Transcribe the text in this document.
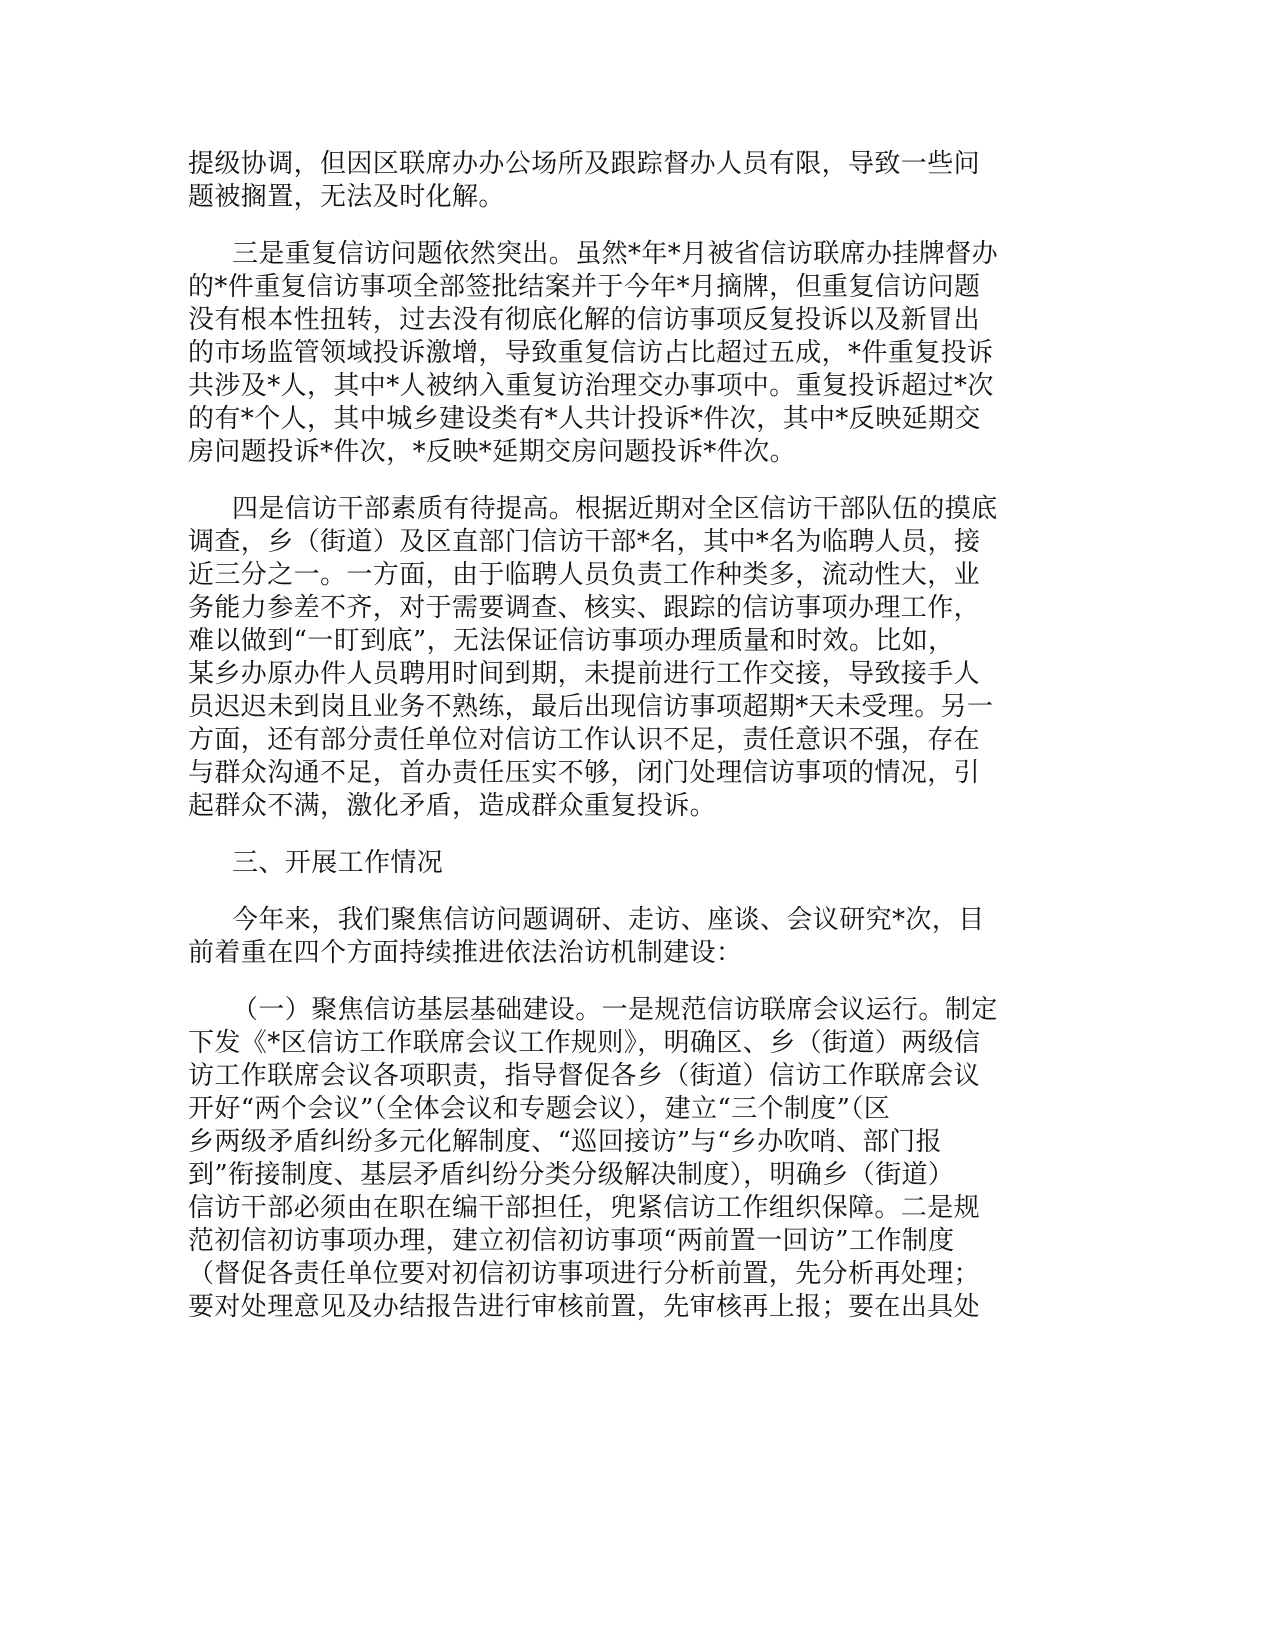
提级协调，但因区联席办办公场所及跟踪督办人员有限，导致一些问
题被搁置，无法及时化解。
三是重复信访问题依然突出。虽然*年*月被省信访联席办挂牌督办
的*件重复信访事项全部签批结案并于今年*月摘牌，但重复信访问题
没有根本性扭转，过去没有彻底化解的信访事项反复投诉以及新冒出
的市场监管领域投诉激增，导致重复信访占比超过五成，*件重复投诉
共涉及*人，其中*人被纳入重复访治理交办事项中。重复投诉超过*次
的有*个人，其中城乡建设类有*人共计投诉*件次，其中*反映延期交
房问题投诉*件次，*反映*延期交房问题投诉*件次。
四是信访干部素质有待提高。根据近期对全区信访干部队伍的摸底
调查，乡（街道）及区直部门信访干部*名，其中*名为临聘人员，接
近三分之一。一方面，由于临聘人员负责工作种类多，流动性大，业
务能力参差不齐，对于需要调查、核实、跟踪的信访事项办理工作，
难以做到“一盯到底”，无法保证信访事项办理质量和时效。比如，
某乡办原办件人员聘用时间到期，未提前进行工作交接，导致接手人
员迟迟未到岗且业务不熟练，最后出现信访事项超期*天未受理。另一
方面，还有部分责任单位对信访工作认识不足，责任意识不强，存在
与群众沟通不足，首办责任压实不够，闭门处理信访事项的情况，引
起群众不满，激化矛盾，造成群众重复投诉。
三、开展工作情况
今年来，我们聚焦信访问题调研、走访、座谈、会议研究*次，目
前着重在四个方面持续推进依法治访机制建设：
（一）聚焦信访基层基础建设。一是规范信访联席会议运行。制定
下发《*区信访工作联席会议工作规则》，明确区、乡（街道）两级信
访工作联席会议各项职责，指导督促各乡（街道）信访工作联席会议
开好“两个会议”（全体会议和专题会议），建立“三个制度”（区
乡两级矛盾纠纷多元化解制度、“巡回接访”与“乡办吹哨、部门报
到”衔接制度、基层矛盾纠纷分类分级解决制度），明确乡（街道）
信访干部必须由在职在编干部担任，兜紧信访工作组织保障。二是规
范初信初访事项办理，建立初信初访事项“两前置一回访”工作制度
（督促各责任单位要对初信初访事项进行分析前置，先分析再处理；
要对处理意见及办结报告进行审核前置，先审核再上报；要在出具处
